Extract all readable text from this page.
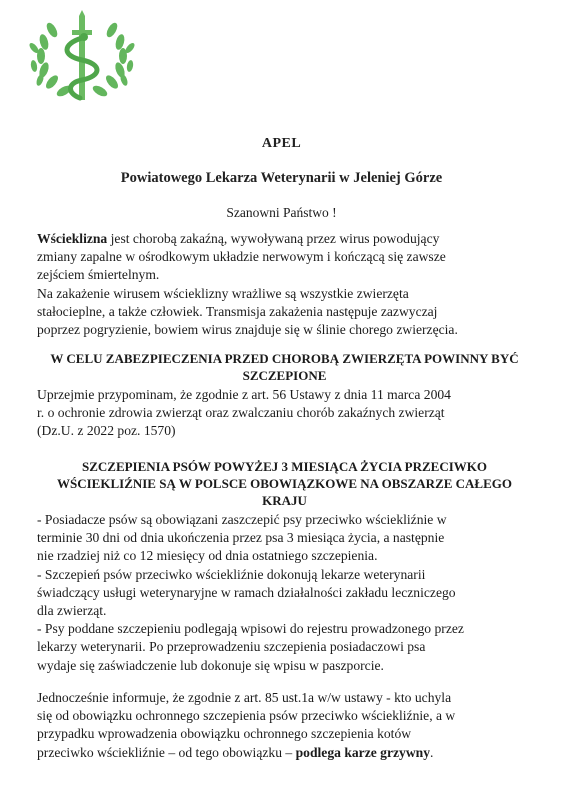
APEL
Powiatowego Lekarza Weterynarii w Jeleniej Górze

Szanowni Państwo !

Wścieklizna jest chorobą zakaźną, wywoływaną przez wirus powodujący

zmiany zapalne w ośrodkowym układzie nerwowym i kończącą się zawsze

zejściem śmiertelnym.

Na zakażenie wirusem wścieklizny wrażliwe są wszystkie zwierzęta

stałocieplne, a także człowiek. Transmisja zakażenia następuje zazwyczaj

poprzez pogryzienie, bowiem wirus znajduje się w ślinie chorego zwierzęcia.

W CELU ZABEZPIECZENIA PRZED CHOROBĄ ZWIERZĘTA POWINNY BYĆ
SZCZEPIONE

Uprzejmie przypominam, że zgodnie z art. 56 Ustawy z dnia 11 marca 2004

r. o ochronie zdrowia zwierząt oraz zwalczaniu chorób zakaźnych zwierząt

(Dz.U. z 2022 poz. 1570)

SZCZEPIENIA PSÓW POWYŻEJ 3 MIESIĄCA ŻYCIA PRZECIWKO
WŚCIEKLIŹNIE SĄ W POLSCE OBOWIĄZKOWE NA OBSZARZE CAŁEGO
KRAJU

- Posiadacze psów są obowiązani zaszczepić psy przeciwko wściekliźnie w

terminie 30 dni od dnia ukończenia przez psa 3 miesiąca życia, a następnie

nie rzadziej niż co 12 miesięcy od dnia ostatniego szczepienia.

- Szczepień psów przeciwko wściekliźnie dokonują lekarze weterynarii

świadczący usługi weterynaryjne w ramach działalności zakładu leczniczego

dla zwierząt.

- Psy poddane szczepieniu podlegają wpisowi do rejestru prowadzonego przez

lekarzy weterynarii. Po przeprowadzeniu szczepienia posiadaczowi psa

wydaje się zaświadczenie lub dokonuje się wpisu w paszporcie.

Jednocześnie informuje, że zgodnie z art. 85 ust.1a w/w ustawy - kto uchyla

się od obowiązku ochronnego szczepienia psów przeciwko wściekliźnie, a w

przypadku wprowadzenia obowiązku ochronnego szczepienia kotów

przeciwko wściekliźnie – od tego obowiązku – podlega karze grzywny.
